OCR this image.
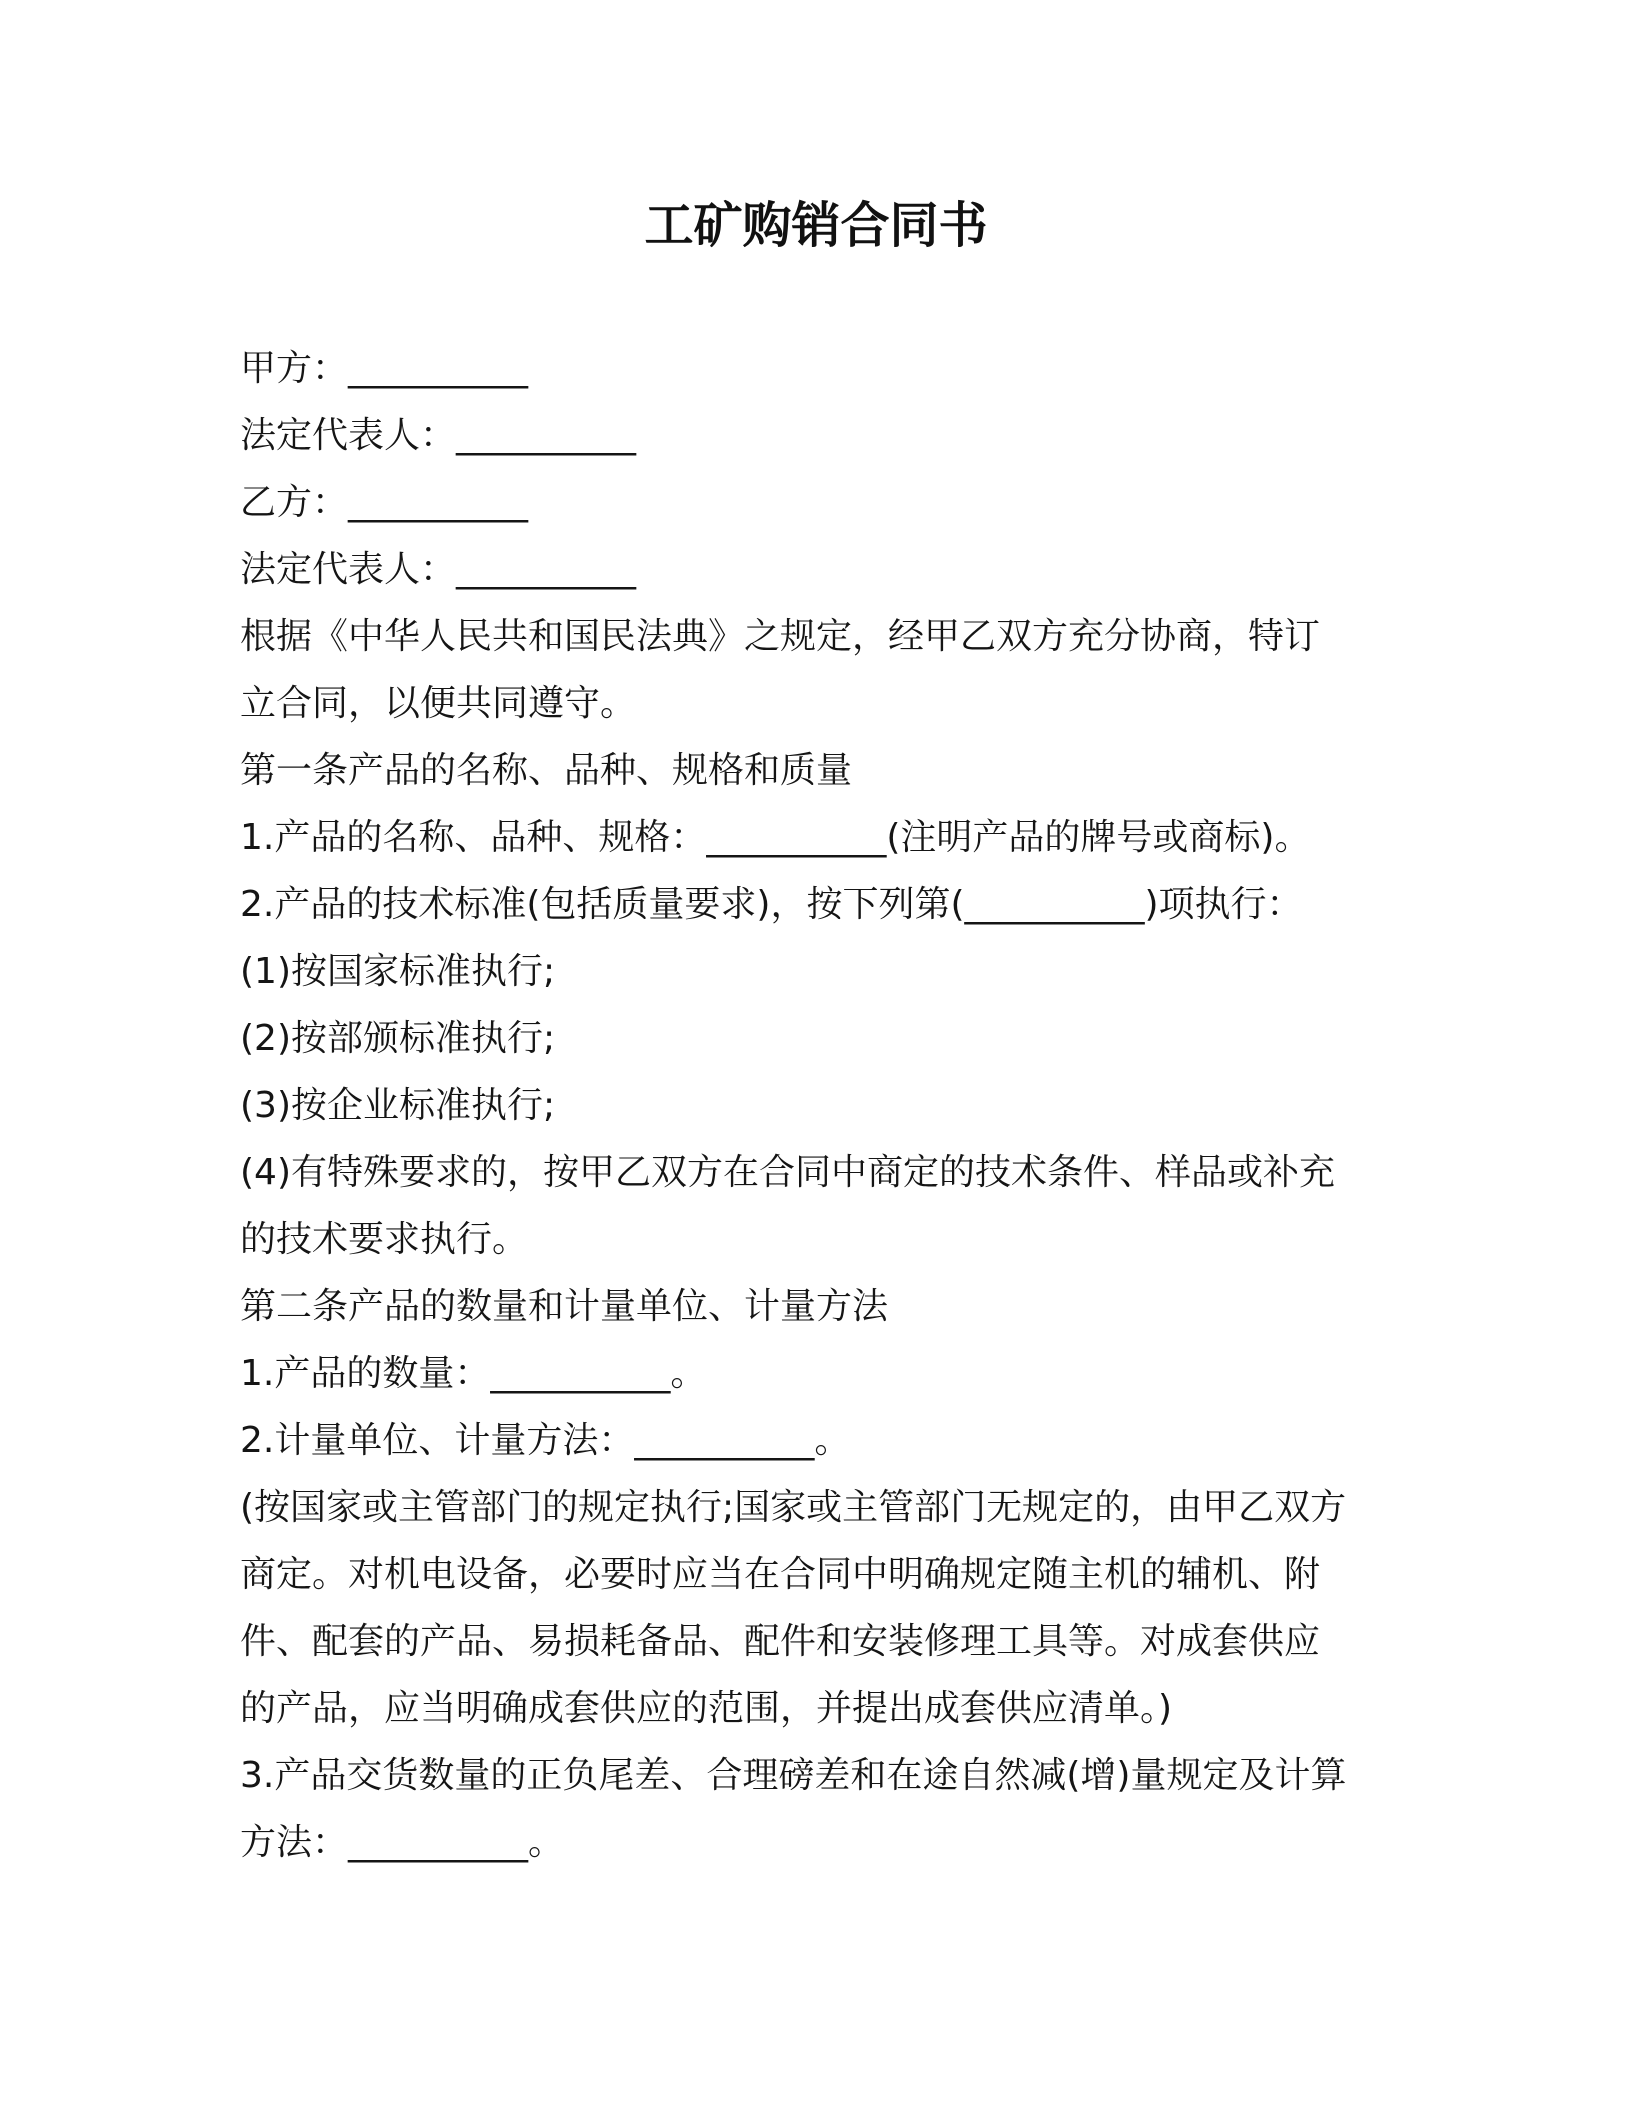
工矿购销合同书
甲方：__________
法定代表人：__________
乙方：__________
法定代表人：__________
根据《中华人民共和国民法典》之规定，经甲乙双方充分协商，特订
立合同，以便共同遵守。
第一条产品的名称、品种、规格和质量
1.产品的名称、品种、规格：__________(注明产品的牌号或商标)。
2.产品的技术标准(包括质量要求)，按下列第(__________)项执行：
(1)按国家标准执行;
(2)按部颁标准执行;
(3)按企业标准执行;
(4)有特殊要求的，按甲乙双方在合同中商定的技术条件、样品或补充
的技术要求执行。
第二条产品的数量和计量单位、计量方法
1.产品的数量：__________。
2.计量单位、计量方法：__________。
(按国家或主管部门的规定执行;国家或主管部门无规定的，由甲乙双方
商定。对机电设备，必要时应当在合同中明确规定随主机的辅机、附
件、配套的产品、易损耗备品、配件和安装修理工具等。对成套供应
的产品，应当明确成套供应的范围，并提出成套供应清单。)
3.产品交货数量的正负尾差、合理磅差和在途自然减(增)量规定及计算
方法：__________。
